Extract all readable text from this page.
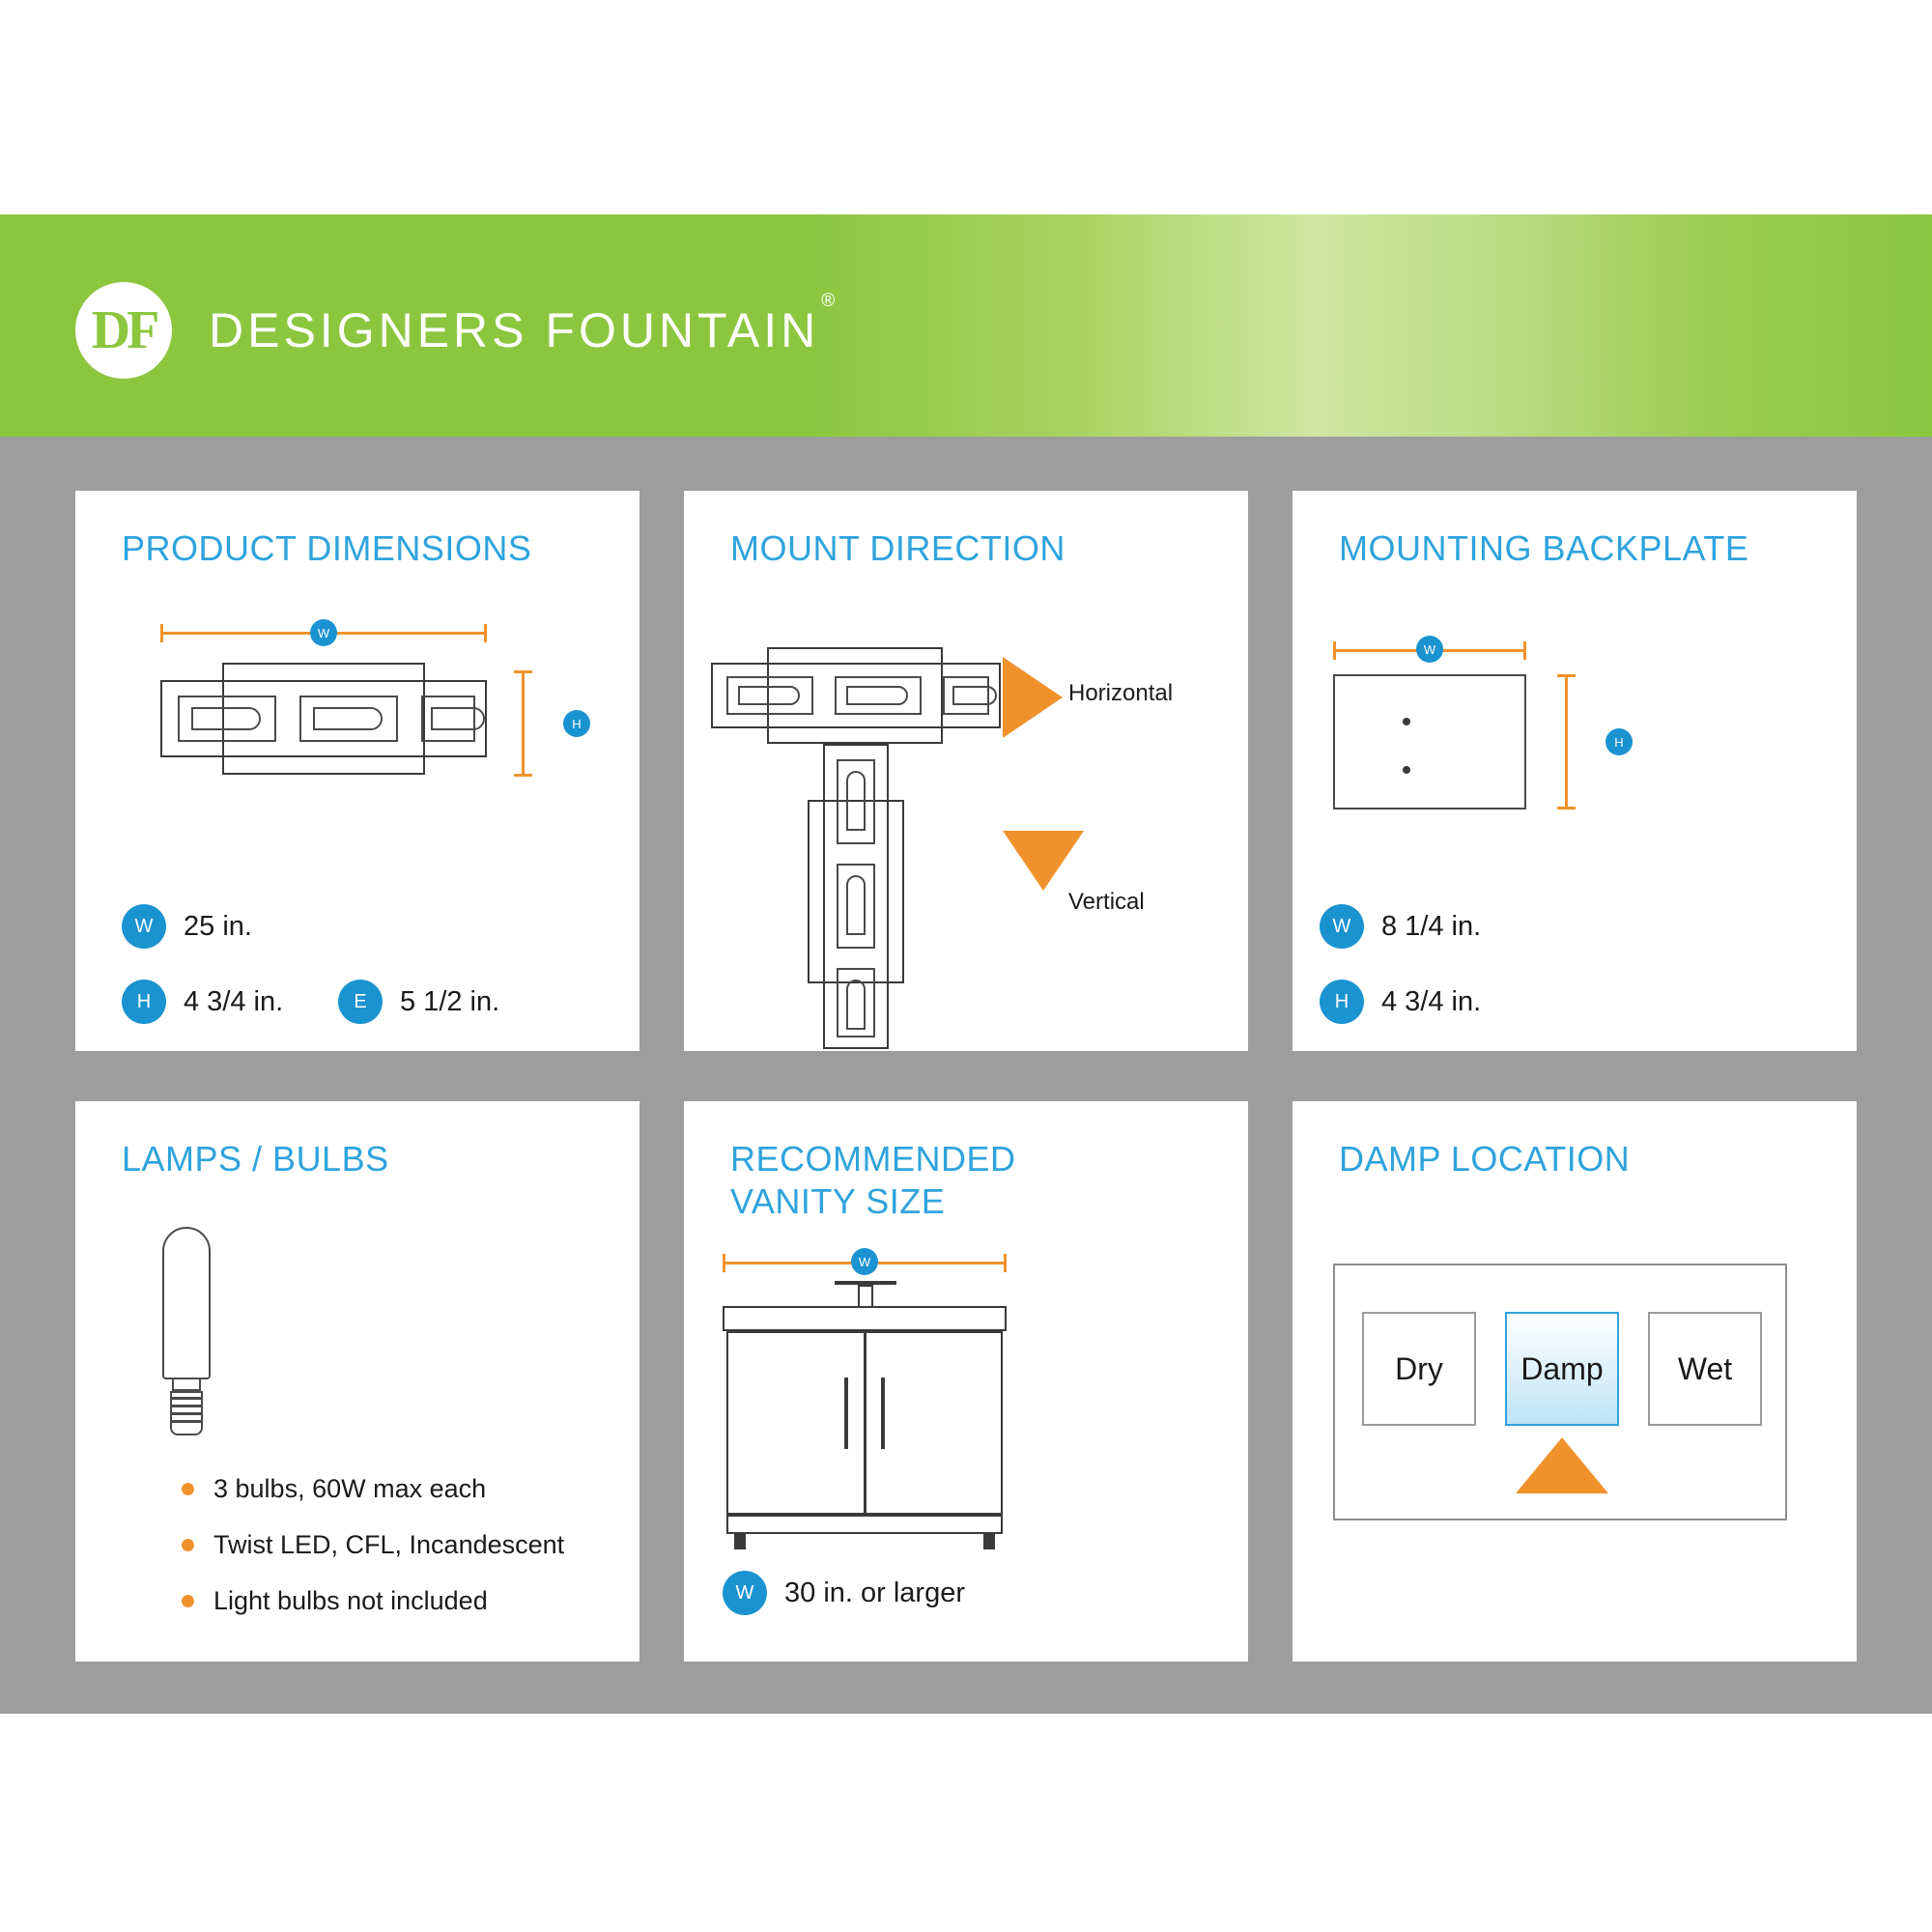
DF	DESIGNERS FOUNTAIN®
PRODUCT DIMENSIONS
W
H
W	25 in.
H	4 3/4 in.	E	5 1/2 in.
MOUNT DIRECTION
Horizontal
Vertical
MOUNTING BACKPLATE
W
H
W	8 1/4 in.
H	4 3/4 in.
LAMPS / BULBS
3 bulbs, 60W max each
Twist LED, CFL, Incandescent
Light bulbs not included
RECOMMENDED
VANITY SIZE
W
W	30 in. or larger
DAMP LOCATION
Dry	Damp	Wet
